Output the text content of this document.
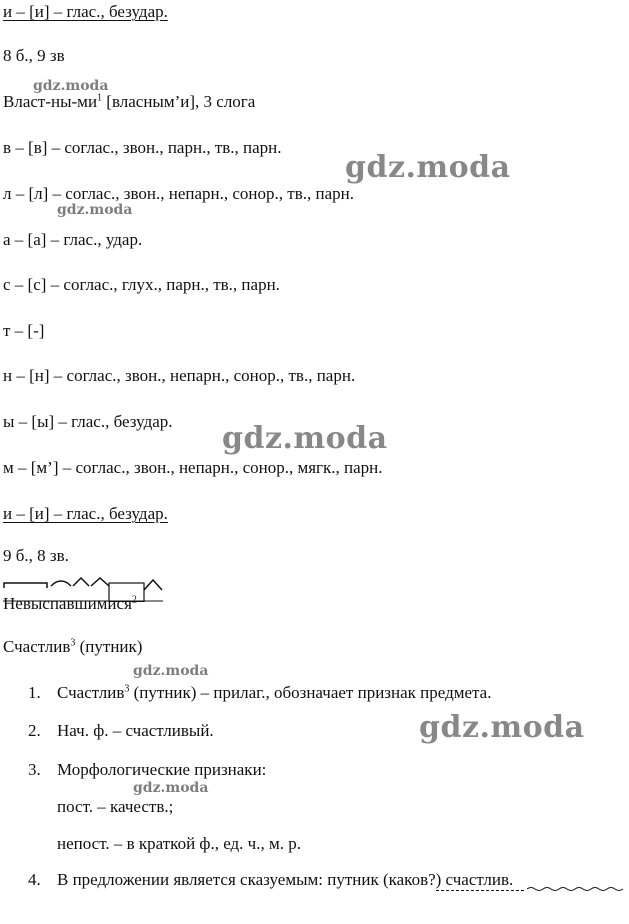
и – [и] – глас., безудар.
8 б., 9 зв
Власт-$ны-ми^1$ [власным’и], 3 слога
в – [в] – соглас., звон., парн., тв., парн.
л – [л] – соглас., звон., непарн., сонор., тв., парн.
а – [а] – глас., удар.
с – [с] – соглас., глух., парн., тв., парн.
т – [-]
н – [н] – соглас., звон., непарн., сонор., тв., парн.
ы – [ы] – глас., безудар.
м – [м’] – соглас., звон., непарн., сонор., мягк., парн.
и – [и] – глас., безудар.
9 б., 8 зв.
Невыспавшимися$^2$
Счастлив$^3$ (путник)
1. Счастлив$^3$ (путник) – прилаг., обозначает признак предмета.
2. Нач. ф. – счастливый.
3. Морфологические признаки:
пост. – качеств.;
непост. – в краткой ф., ед. ч., м. р.
4. В предложении является сказуемым: путник (каков?) счастлив.
gdz.moda
gdz.moda
gdz.moda
gdz.moda
gdz.moda
gdz.moda
gdz.moda
